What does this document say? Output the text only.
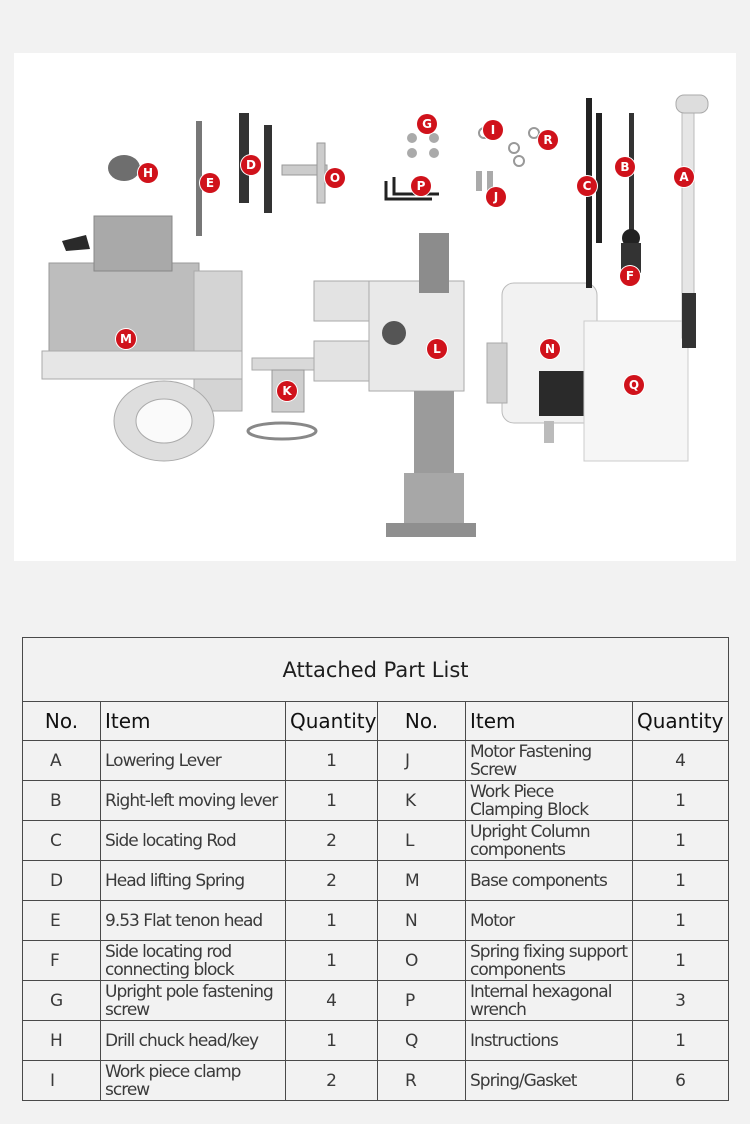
H
E
D
O
G
P
I
R
J
C
B
A
F
M
L	N
K	Q
Attached Part List					
No.	Item	Quantity	No.	Item	Quantity
A	Lowering Lever	1	J	Motor Fastening Screw	4
B	Right-left moving lever	1	K	Work Piece Clamping Block	1
C	Side locating Rod	2	L	Upright Column components	1
D	Head lifting Spring	2	M	Base components	1
E	9.53 Flat tenon head	1	N	Motor	1
F	Side locating rod connecting block	1	O	Spring fixing support components	1
G	Upright pole fastening screw	4	P	Internal hexagonal wrench	3
H	Drill chuck head/key	1	Q	Instructions	1
I	Work piece clamp screw	2	R	Spring/Gasket	6
